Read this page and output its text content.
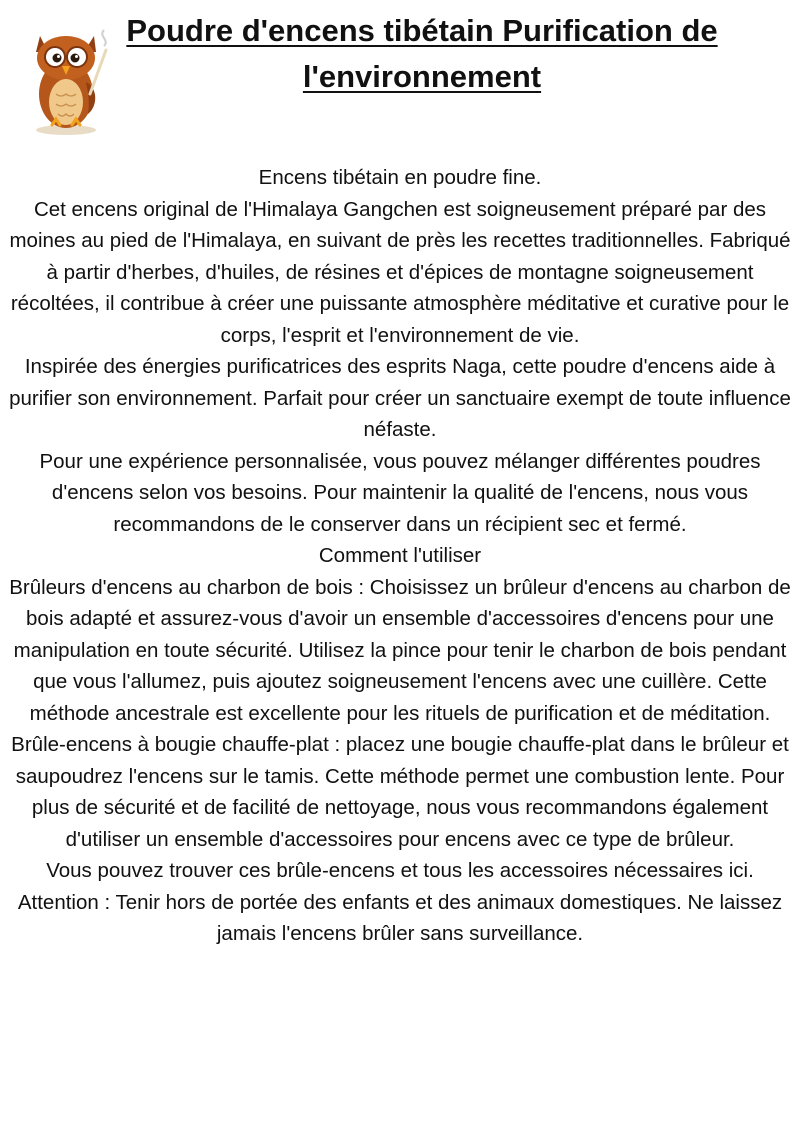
Poudre d'encens tibétain Purification de l'environnement

Encens tibétain en poudre fine.

Cet encens original de l'Himalaya Gangchen est soigneusement préparé par des moines au pied de l'Himalaya, en suivant de près les recettes traditionnelles. Fabriqué à partir d'herbes, d'huiles, de résines et d'épices de montagne soigneusement récoltées, il contribue à créer une puissante atmosphère méditative et curative pour le corps, l'esprit et l'environnement de vie.

Inspirée des énergies purificatrices des esprits Naga, cette poudre d'encens aide à purifier son environnement. Parfait pour créer un sanctuaire exempt de toute influence néfaste.

Pour une expérience personnalisée, vous pouvez mélanger différentes poudres d'encens selon vos besoins. Pour maintenir la qualité de l'encens, nous vous recommandons de le conserver dans un récipient sec et fermé.

Comment l'utiliser

Brûleurs d'encens au charbon de bois : Choisissez un brûleur d'encens au charbon de bois adapté et assurez-vous d'avoir un ensemble d'accessoires d'encens pour une manipulation en toute sécurité. Utilisez la pince pour tenir le charbon de bois pendant que vous l'allumez, puis ajoutez soigneusement l'encens avec une cuillère. Cette méthode ancestrale est excellente pour les rituels de purification et de méditation.

Brûle-encens à bougie chauffe-plat : placez une bougie chauffe-plat dans le brûleur et saupoudrez l'encens sur le tamis. Cette méthode permet une combustion lente. Pour plus de sécurité et de facilité de nettoyage, nous vous recommandons également d'utiliser un ensemble d'accessoires pour encens avec ce type de brûleur.

Vous pouvez trouver ces brûle-encens et tous les accessoires nécessaires ici.

Attention : Tenir hors de portée des enfants et des animaux domestiques. Ne laissez jamais l'encens brûler sans surveillance.
